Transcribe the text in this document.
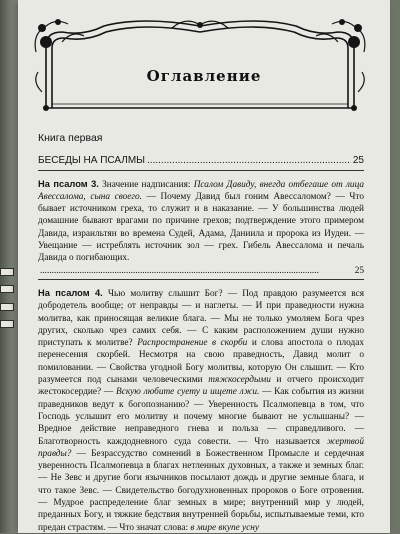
Оглавление
Книга первая
БЕСЕДЫ НА ПСАЛМЫ
.....	25
На псалом 3. Значение надписания: Псалом Давиду, внегда отбегаше от лица Авессалома, сына своего. — Почему Давид был гоним Авессаломом? — Что бывает источником греха, то служит и в наказание. — У большинства людей домашние бывают врагами по причине грехов; подтверждение этого примером Давида, израильтян во времена Судей, Адама, Даниила и пророка из Иудеи. — Увещание — истреблять источник зол — грех. Гибель Авессалома и печаль Давида о погибающих.
.....
25
На псалом 4. Чью молитву слышит Бог? — Под правдою разумеется вся добродетель вообще; от неправды — и наглеты. — И при праведности нужна молитва, как приносящая великие блага. — Мы не только умоляем Бога чрез других, сколько чрез самих себя. — С каким расположением души нужно приступать к молитве? Распространение в скорби и слова апостола о плодах перенесения скорбей. Несмотря на свою праведность, Давид молит о помиловании. — Свойства угодной Богу молитвы, которую Он слышит. — Кто разумеется под сынами человеческими тяжкосердыми и отчего происходит жестокосердие? — Вскую любите суету и ищете лжи. — Как события из жизни праведников ведут к богопознанию? — Уверенность Псалмопевца в том, что Господь услышит его молитву и почему многие бывают не услышаны? — Вредное действие неправедного гнева и польза — справедливого. — Благотворность каждодневного суда совести. — Что называется жертвой правды? — Безрассудство сомнений в Божественном Промысле и сердечная уверенность Псалмопевца в благах нетленных духовных, а также и земных благ. — Не Зевс и другие боги язычников посылают дождь и другие земные блага, и что такое Зевс. — Свидетельство богодухновенных пророков о Боге отровения. — Мудрое распределение благ земных в мире; внутренний мир у людей, преданных Богу, и тяжкие бедствия внутренней борьбы, испытываемые теми, кто предан страстям. — Что значат слова: в мире вкупе усну
